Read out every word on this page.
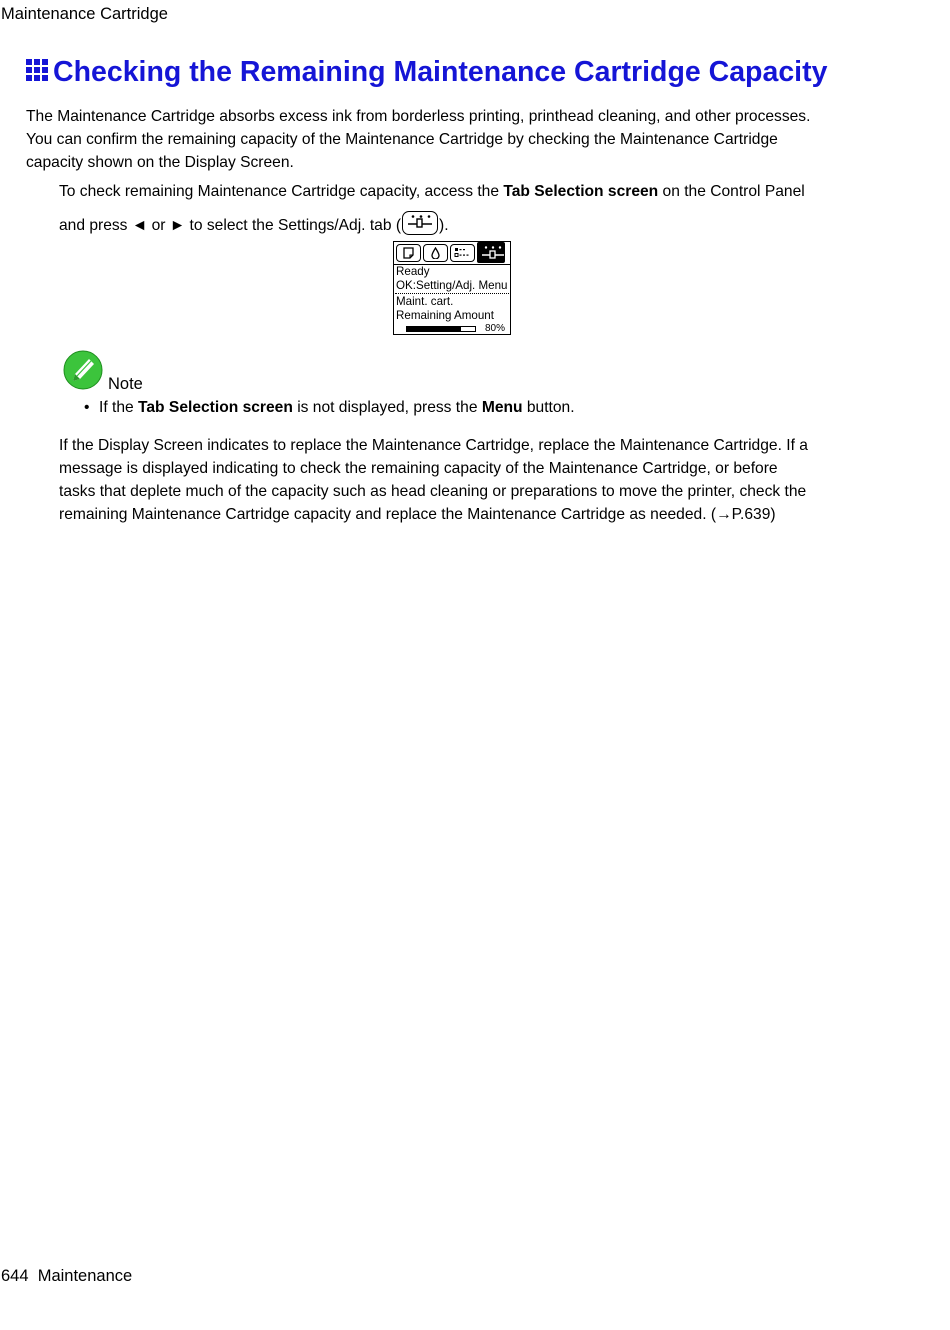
Maintenance Cartridge
Checking the Remaining Maintenance Cartridge Capacity
The Maintenance Cartridge absorbs excess ink from borderless printing, printhead cleaning, and other processes.
You can confirm the remaining capacity of the Maintenance Cartridge by checking the Maintenance Cartridge
capacity shown on the Display Screen.
To check remaining Maintenance Cartridge capacity, access the Tab Selection screen on the Control Panel
and press ◄ or ► to select the Settings/Adj. tab ( ).
Ready
OK:Setting/Adj. Menu
Maint. cart.
Remaining Amount
80%
Note
• If the Tab Selection screen is not displayed, press the Menu button.
If the Display Screen indicates to replace the Maintenance Cartridge, replace the Maintenance Cartridge. If a
message is displayed indicating to check the remaining capacity of the Maintenance Cartridge, or before
tasks that deplete much of the capacity such as head cleaning or preparations to move the printer, check the
remaining Maintenance Cartridge capacity and replace the Maintenance Cartridge as needed. (→P.639)
644 Maintenance
